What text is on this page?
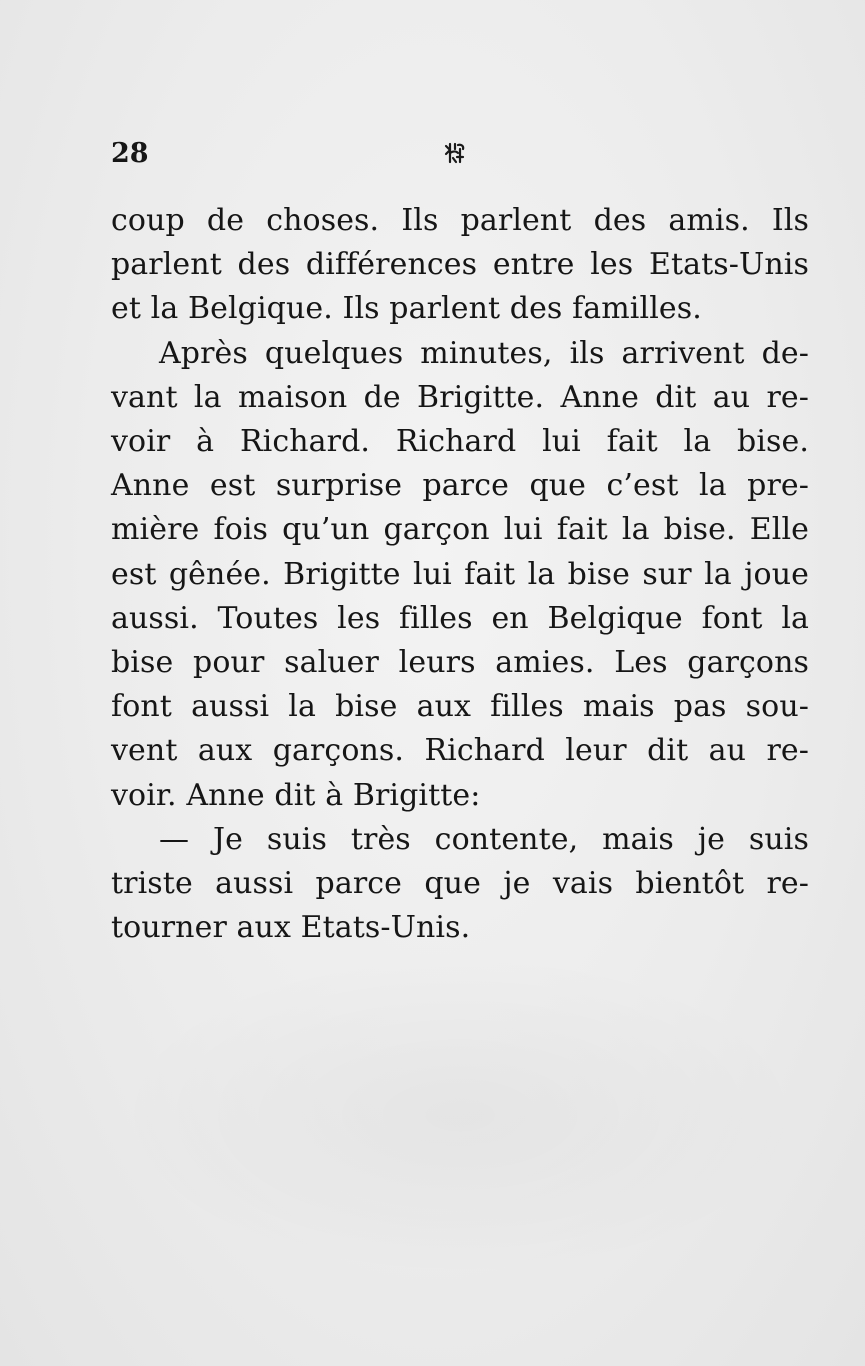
28

coup de choses. Ils parlent des amis. Ils
parlent des différences entre les Etats-Unis
et la Belgique. Ils parlent des familles.

Après quelques minutes, ils arrivent de-
vant la maison de Brigitte. Anne dit au re-
voir à Richard. Richard lui fait la bise.
Anne est surprise parce que c’est la pre-
mière fois qu’un garçon lui fait la bise. Elle
est gênée. Brigitte lui fait la bise sur la joue
aussi. Toutes les filles en Belgique font la
bise pour saluer leurs amies. Les garçons
font aussi la bise aux filles mais pas sou-
vent aux garçons. Richard leur dit au re-
voir. Anne dit à Brigitte:

— Je suis très contente, mais je suis
triste aussi parce que je vais bientôt re-
tourner aux Etats-Unis.
